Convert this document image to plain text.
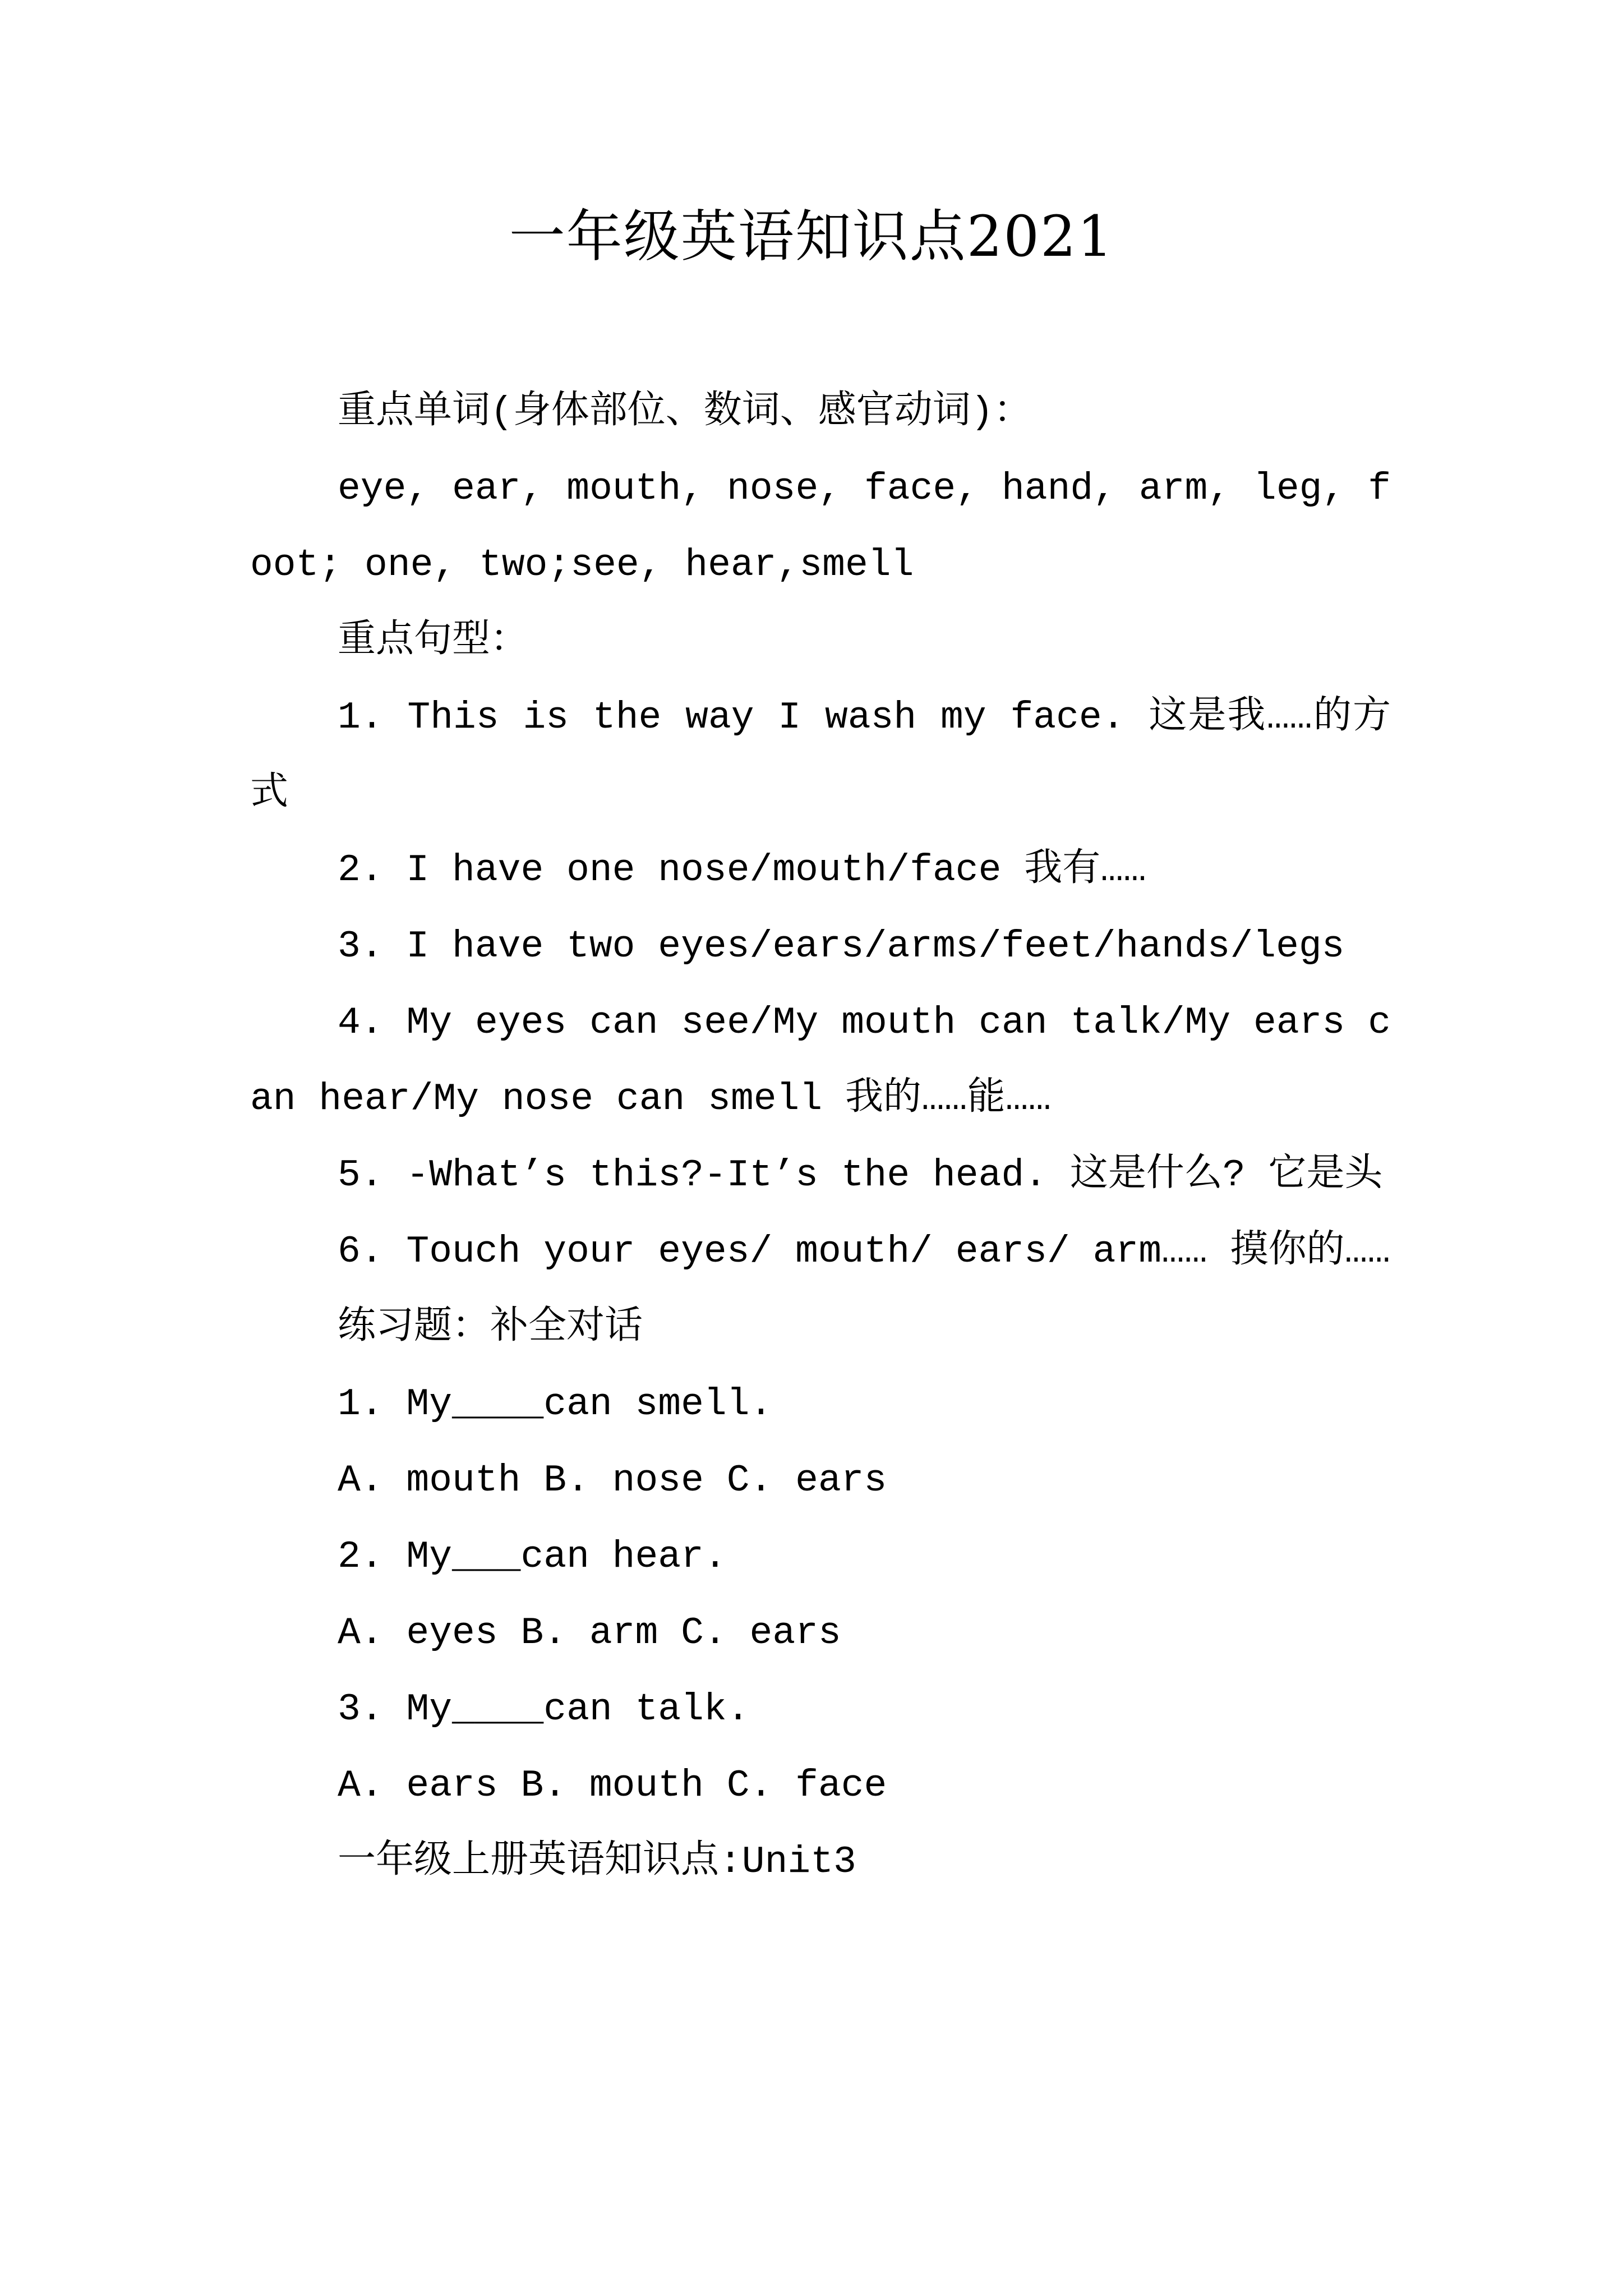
一年级英语知识点2021

重点单词(身体部位、数词、感官动词)：

eye, ear, mouth, nose, face, hand, arm, leg, foot; one, two;see, hear,smell

重点句型：

1. This is the way I wash my face. 这是我……的方式

2. I have one nose/mouth/face 我有……

3. I have two eyes/ears/arms/feet/hands/legs

4. My eyes can see/My mouth can talk/My ears can hear/My nose can smell 我的……能……

5. -What’s this?-It’s the head. 这是什么? 它是头

6. Touch your eyes/ mouth/ ears/ arm…… 摸你的……

练习题：补全对话

1. My____can smell.

A. mouth B. nose C. ears

2. My___can hear.

A. eyes B. arm C. ears

3. My____can talk.

A. ears B. mouth C. face

一年级上册英语知识点:Unit3
